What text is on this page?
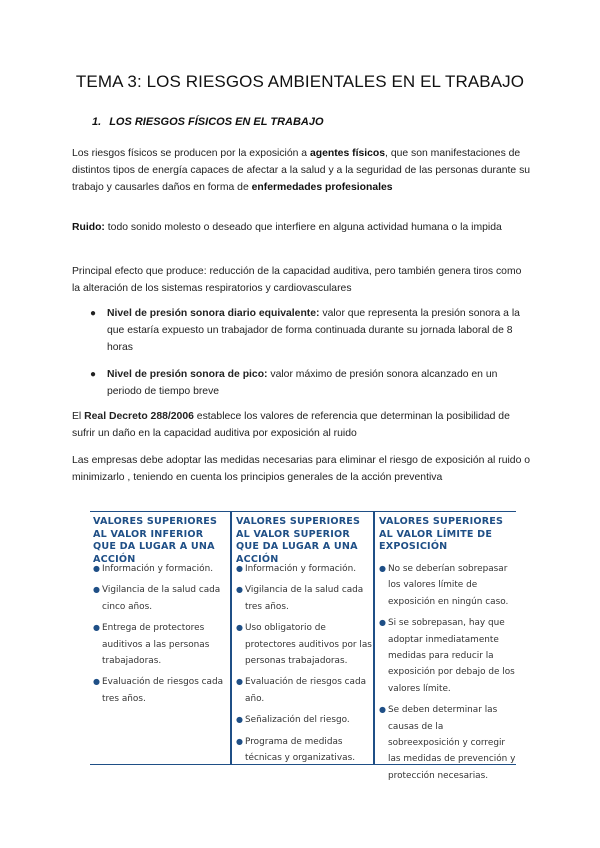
TEMA 3: LOS RIESGOS AMBIENTALES EN EL TRABAJO
1. LOS RIESGOS FÍSICOS EN EL TRABAJO
Los riesgos físicos se producen por la exposición a agentes físicos, que son manifestaciones de distintos tipos de energía capaces de afectar a la salud y a la seguridad de las personas durante su trabajo y causarles daños en forma de enfermedades profesionales
Ruido: todo sonido molesto o deseado que interfiere en alguna actividad humana o la impida
Principal efecto que produce: reducción de la capacidad auditiva, pero también genera tiros como la alteración de los sistemas respiratorios y cardiovasculares
● Nivel de presión sonora diario equivalente: valor que representa la presión sonora a la que estaría expuesto un trabajador de forma continuada durante su jornada laboral de 8 horas
● Nivel de presión sonora de pico: valor máximo de presión sonora alcanzado en un periodo de tiempo breve
El Real Decreto 288/2006 establece los valores de referencia que determinan la posibilidad de sufrir un daño en la capacidad auditiva por exposición al ruido
Las empresas debe adoptar las medidas necesarias para eliminar el riesgo de exposición al ruido o minimizarlo , teniendo en cuenta los principios generales de la acción preventiva
VALORES SUPERIORES AL VALOR INFERIOR QUE DA LUGAR A UNA ACCIÓN
● Información y formación.
● Vigilancia de la salud cada cinco años.
● Entrega de protectores auditivos a las personas trabajadoras.
● Evaluación de riesgos cada tres años.
VALORES SUPERIORES AL VALOR SUPERIOR QUE DA LUGAR A UNA ACCIÓN
● Información y formación.
● Vigilancia de la salud cada tres años.
● Uso obligatorio de protectores auditivos por las personas trabajadoras.
● Evaluación de riesgos cada año.
● Señalización del riesgo.
● Programa de medidas técnicas y organizativas.
VALORES SUPERIORES AL VALOR LÍMITE DE EXPOSICIÓN
● No se deberían sobrepasar los valores límite de exposición en ningún caso.
● Si se sobrepasan, hay que adoptar inmediatamente medidas para reducir la exposición por debajo de los valores límite.
● Se deben determinar las causas de la sobreexposición y corregir las medidas de prevención y protección necesarias.
